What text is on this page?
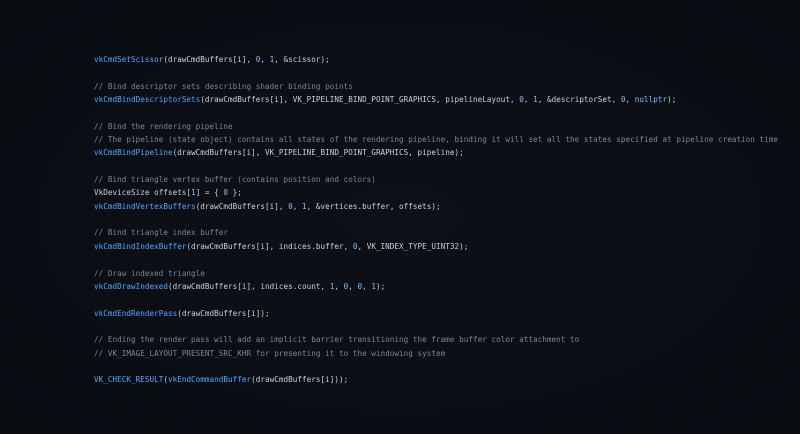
vkCmdSetScissor(drawCmdBuffers[i], 0, 1, &scissor);

// Bind descriptor sets describing shader binding points
vkCmdBindDescriptorSets(drawCmdBuffers[i], VK_PIPELINE_BIND_POINT_GRAPHICS, pipelineLayout, 0, 1, &descriptorSet, 0, nullptr);

// Bind the rendering pipeline
// The pipeline (state object) contains all states of the rendering pipeline, binding it will set all the states specified at pipeline creation time
vkCmdBindPipeline(drawCmdBuffers[i], VK_PIPELINE_BIND_POINT_GRAPHICS, pipeline);

// Bind triangle vertex buffer (contains position and colors)
VkDeviceSize offsets[1] = { 0 };
vkCmdBindVertexBuffers(drawCmdBuffers[i], 0, 1, &vertices.buffer, offsets);

// Bind triangle index buffer
vkCmdBindIndexBuffer(drawCmdBuffers[i], indices.buffer, 0, VK_INDEX_TYPE_UINT32);

// Draw indexed triangle
vkCmdDrawIndexed(drawCmdBuffers[i], indices.count, 1, 0, 0, 1);

vkCmdEndRenderPass(drawCmdBuffers[i]);

// Ending the render pass will add an implicit barrier transitioning the frame buffer color attachment to
// VK_IMAGE_LAYOUT_PRESENT_SRC_KHR for presenting it to the windowing system

VK_CHECK_RESULT(vkEndCommandBuffer(drawCmdBuffers[i]));
